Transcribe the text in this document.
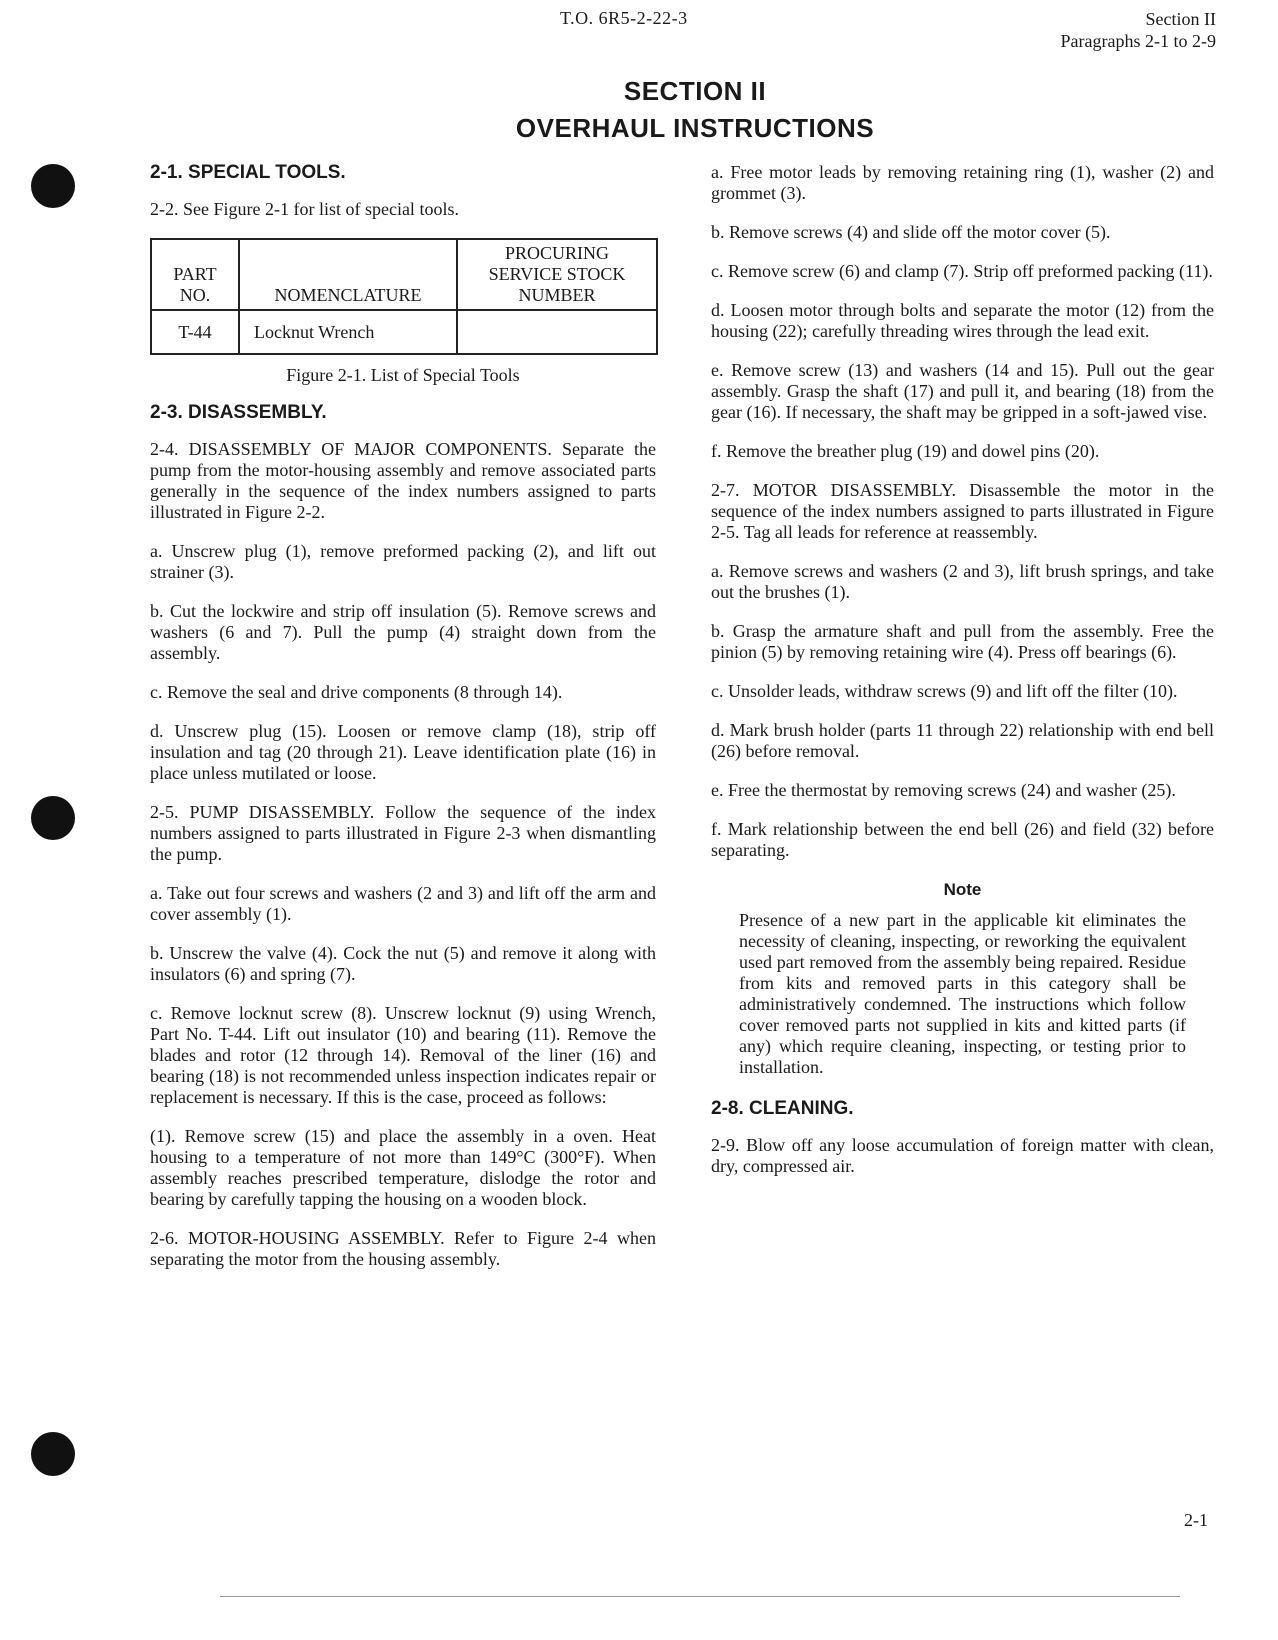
T.O. 6R5-2-22-3	Section II
Paragraphs 2-1 to 2-9
SECTION II
OVERHAUL INSTRUCTIONS
2-1. SPECIAL TOOLS.

2-2. See Figure 2-1 for list of special tools.

PART NO.	NOMENCLATURE	PROCURING SERVICE STOCK NUMBER
T-44	Locknut Wrench	
Figure 2-1. List of Special Tools
2-3. DISASSEMBLY.

2-4. DISASSEMBLY OF MAJOR COMPONENTS. Separate the pump from the motor-housing assembly and remove associated parts generally in the sequence of the index numbers assigned to parts illustrated in Figure 2-2.

a. Unscrew plug (1), remove preformed packing (2), and lift out strainer (3).

b. Cut the lockwire and strip off insulation (5). Remove screws and washers (6 and 7). Pull the pump (4) straight down from the assembly.

c. Remove the seal and drive components (8 through 14).

d. Unscrew plug (15). Loosen or remove clamp (18), strip off insulation and tag (20 through 21). Leave identification plate (16) in place unless mutilated or loose.

2-5. PUMP DISASSEMBLY. Follow the sequence of the index numbers assigned to parts illustrated in Figure 2-3 when dismantling the pump.

a. Take out four screws and washers (2 and 3) and lift off the arm and cover assembly (1).

b. Unscrew the valve (4). Cock the nut (5) and remove it along with insulators (6) and spring (7).

c. Remove locknut screw (8). Unscrew locknut (9) using Wrench, Part No. T-44. Lift out insulator (10) and bearing (11). Remove the blades and rotor (12 through 14). Removal of the liner (16) and bearing (18) is not recommended unless inspection indicates repair or replacement is necessary. If this is the case, proceed as follows:

(1). Remove screw (15) and place the assembly in a oven. Heat housing to a temperature of not more than 149°C (300°F). When assembly reaches prescribed temperature, dislodge the rotor and bearing by carefully tapping the housing on a wooden block.

2-6. MOTOR-HOUSING ASSEMBLY. Refer to Figure 2-4 when separating the motor from the housing assembly.

a. Free motor leads by removing retaining ring (1), washer (2) and grommet (3).

b. Remove screws (4) and slide off the motor cover (5).

c. Remove screw (6) and clamp (7). Strip off preformed packing (11).

d. Loosen motor through bolts and separate the motor (12) from the housing (22); carefully threading wires through the lead exit.

e. Remove screw (13) and washers (14 and 15). Pull out the gear assembly. Grasp the shaft (17) and pull it, and bearing (18) from the gear (16). If necessary, the shaft may be gripped in a soft-jawed vise.

f. Remove the breather plug (19) and dowel pins (20).

2-7. MOTOR DISASSEMBLY. Disassemble the motor in the sequence of the index numbers assigned to parts illustrated in Figure 2-5. Tag all leads for reference at reassembly.

a. Remove screws and washers (2 and 3), lift brush springs, and take out the brushes (1).

b. Grasp the armature shaft and pull from the assembly. Free the pinion (5) by removing retaining wire (4). Press off bearings (6).

c. Unsolder leads, withdraw screws (9) and lift off the filter (10).

d. Mark brush holder (parts 11 through 22) relationship with end bell (26) before removal.

e. Free the thermostat by removing screws (24) and washer (25).

f. Mark relationship between the end bell (26) and field (32) before separating.

Note

Presence of a new part in the applicable kit eliminates the necessity of cleaning, inspecting, or reworking the equivalent used part removed from the assembly being repaired. Residue from kits and removed parts in this category shall be administratively condemned. The instructions which follow cover removed parts not supplied in kits and kitted parts (if any) which require cleaning, inspecting, or testing prior to installation.

2-8. CLEANING.

2-9. Blow off any loose accumulation of foreign matter with clean, dry, compressed air.

2-1
